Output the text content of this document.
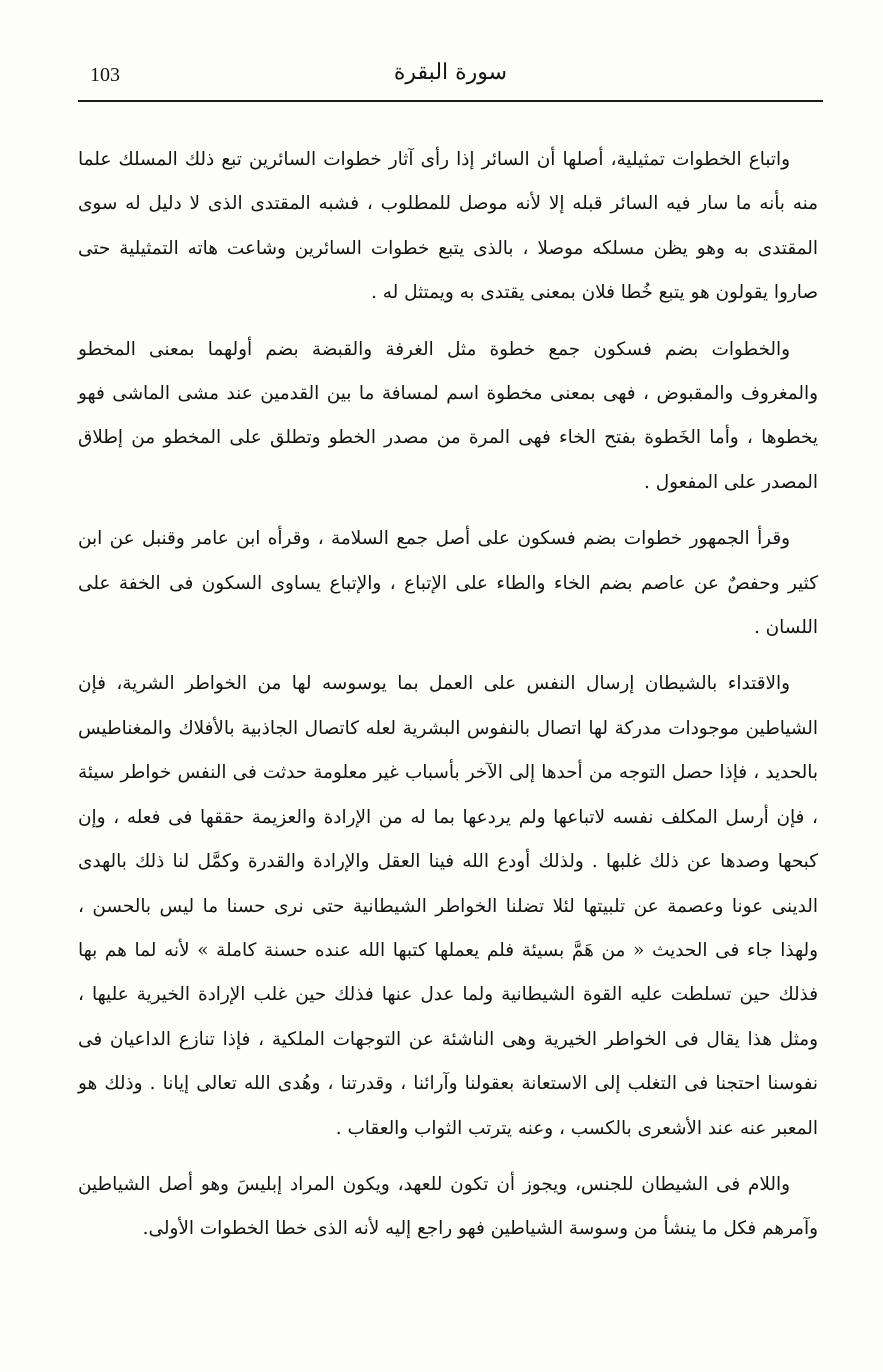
103	سورة البقرة

واتباع الخطوات تمثيلية، أصلها أن السائر إذا رأى آثار خطوات السائرين تبع ذلك المسلك علما منه بأنه ما سار فيه السائر قبله إلا لأنه موصل للمطلوب ، فشبه المقتدى الذى لا دليل له سوى المقتدى به وهو يظن مسلكه موصلا ، بالذى يتبع خطوات السائرين وشاعت هاته التمثيلية حتى صاروا يقولون هو يتبع خُطا فلان بمعنى يقتدى به ويمتثل له .

والخطوات بضم فسكون جمع خطوة مثل الغرفة والقبضة بضم أولهما بمعنى المخطو والمغروف والمقبوض ، فهى بمعنى مخطوة اسم لمسافة ما بين القدمين عند مشى الماشى فهو يخطوها ، وأما الخَطوة بفتح الخاء فهى المرة من مصدر الخطو وتطلق على المخطو من إطلاق المصدر على المفعول .

وقرأ الجمهور خطوات بضم فسكون على أصل جمع السلامة ، وقرأه ابن عامر وقنبل عن ابن كثير وحفصٌ عن عاصم بضم الخاء والطاء على الإتباع ، والإتباع يساوى السكون فى الخفة على اللسان .

والاقتداء بالشيطان إرسال النفس على العمل بما يوسوسه لها من الخواطر الشرية، فإن الشياطين موجودات مدركة لها اتصال بالنفوس البشرية لعله كاتصال الجاذبية بالأفلاك والمغناطيس بالحديد ، فإذا حصل التوجه من أحدها إلى الآخر بأسباب غير معلومة حدثت فى النفس خواطر سيئة ، فإن أرسل المكلف نفسه لاتباعها ولم يردعها بما له من الإرادة والعزيمة حققها فى فعله ، وإن كبحها وصدها عن ذلك غلبها . ولذلك أودع الله فينا العقل والإرادة والقدرة وكمَّل لنا ذلك بالهدى الدينى عونا وعصمة عن تلبيتها لئلا تضلنا الخواطر الشيطانية حتى نرى حسنا ما ليس بالحسن ، ولهذا جاء فى الحديث « من هَمَّ بسيئة فلم يعملها كتبها الله عنده حسنة كاملة » لأنه لما هم بها فذلك حين تسلطت عليه القوة الشيطانية ولما عدل عنها فذلك حين غلب الإرادة الخيرية عليها ، ومثل هذا يقال فى الخواطر الخيرية وهى الناشئة عن التوجهات الملكية ، فإذا تنازع الداعيان فى نفوسنا احتجنا فى التغلب إلى الاستعانة بعقولنا وآرائنا ، وقدرتنا ، وهُدى الله تعالى إيانا . وذلك هو المعبر عنه عند الأشعرى بالكسب ، وعنه يترتب الثواب والعقاب .

واللام فى الشيطان للجنس، ويجوز أن تكون للعهد، ويكون المراد إبليسَ وهو أصل الشياطين وآمرهم فكل ما ينشأ من وسوسة الشياطين فهو راجع إليه لأنه الذى خطا الخطوات الأولى.
